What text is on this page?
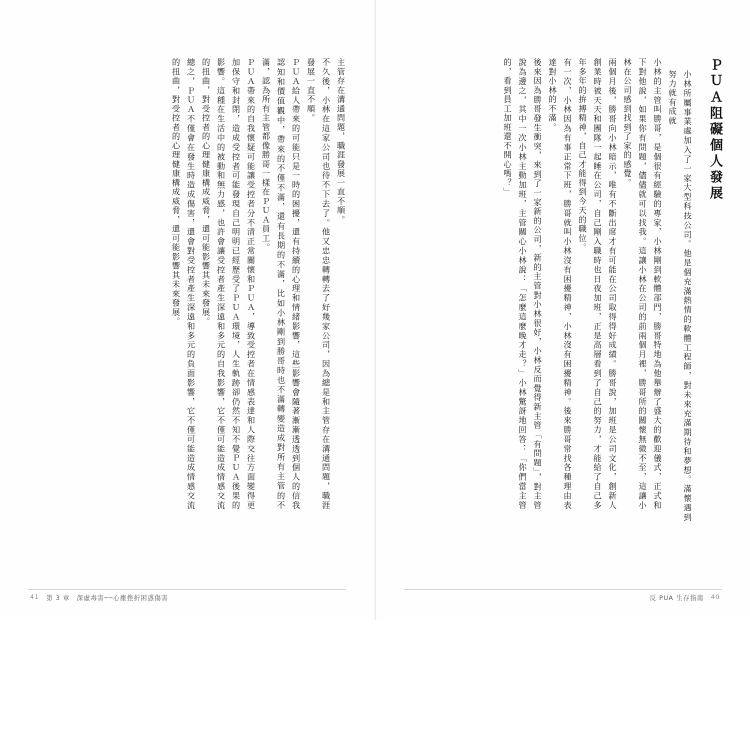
主管存在溝通問題，職涯發展一直不順。
不久後，小林在這家公司也待不下去了。他又忠忠轉轉去了好幾家公司，因為總是和主管存在溝通問題，職涯發展一直不順。
ＰＵＡ給人帶來的可能只是一時的困擾，還有持續的心理和情緒影響，這些影響會隨著漸漸透透到個人的信我認知和價值觀中，帶來的不僅不滿，還有長期的不滿，比如小林剛到勝哥時也不滿轉變造成對所有主管的不滿，認為所有主管都像勝哥一樣在ＰＵＡ員工。
ＰＵＡ帶來的自我懷疑可能讓受控者分不清正常關懷和ＰＵＡ，導致受控者在情感表達和人際交往方面變得更加保守和封閉，造成受控者可能發現自己明明已經歷受了ＰＵＡ環境，人生軌跡卻仍然不知不覺ＰＵＡ後果的影響。這種在生活中的被動和無力感，也許會讓受控者產生深遠和多元的自我影響，它不僅可能造成情感交流的扭曲，對受控者的心理健康構成威脅，還可能影響其未來發展。
總之，ＰＵＡ不僅會在發生時造成傷害，還會對受控者產生深遠和多元的負面影響，它不僅可能造成情感交流的扭曲，對受控者的心理健康構成威脅，還可能影響其未來發展。
41 第 3 章　深虛毒害──心塵挫折困惑傷害
ＰＵＡ阻礙個人發展
小林所屬事業處加入了一家大型科技公司。他是個充滿熱情的軟體工程師，對未來充滿期待和夢想。滿懷遇到努力就有成就
小林的主管叫勝哥，是個很有經驗的專家，小林剛到軟體部門，勝哥特地為他舉辦了盛大的歡迎儀式，正式和下對他說，如果你有問題，儘儘就可以找我。這讓小林在公司的前兩個月裡，勝哥所的關懷無微不至，這讓小林在公司感到找到了家的感覺。
兩個月後，勝哥向小林暗示，唯有不斷出席才有可能在公司取得得好成績。勝哥說，加班是公司文化，創新人創業時被天天和團隊一起睡在公司，自己剛入職時也日夜加班，正是高層看到了自己的努力，才能給了自己多年多年的拚搏精神，自己才能得到今天的職位。
有一次，小林因為有事正常下班，勝哥就叫小林沒有困擾精神，小林沒有困擾精神。後來勝哥常找各種理由表達對小林的不滿。
後來因為勝哥發生衝突，來到了一家新的公司，新的主管對小林很好，小林反而覺得新主管「有問題」，對主管說為邊之，其中一次小林主動加班，主管關心小林說：「怎麼這麼晚才走？」小林驚訝地回答：「你們當主管的，看到員工加班還不開心嗎？」
反 PUA 生存指南 40
